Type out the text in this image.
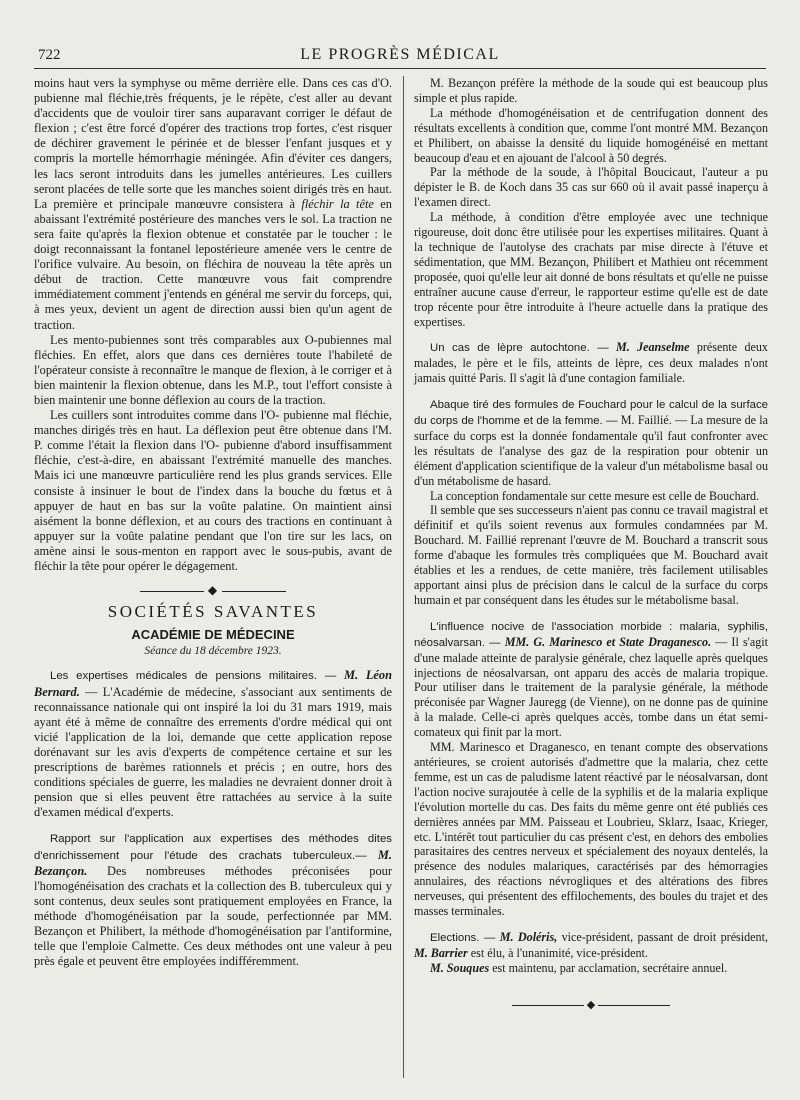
722	LE PROGRÈS MÉDICAL

moins haut vers la symphyse ou même derrière elle. Dans ces cas d'O. pubienne mal fléchie,très fréquents, je le répète, c'est aller au devant d'accidents que de vouloir tirer sans auparavant corriger le défaut de flexion ; c'est être forcé d'opérer des tractions trop fortes, c'est risquer de déchirer gravement le périnée et de blesser l'enfant jusques et y compris la mortelle hémorrhagie méningée. Afin d'éviter ces dangers, les lacs seront introduits dans les jumelles antérieures. Les cuillers seront placées de telle sorte que les manches soient dirigés très en haut. La première et principale manœuvre consistera à fléchir la tête en abaissant l'extrémité postérieure des manches vers le sol. La traction ne sera faite qu'après la flexion obtenue et constatée par le toucher : le doigt reconnaissant la fontanel lepostérieure amenée vers le centre de l'orifice vulvaire. Au besoin, on fléchira de nouveau la tête après un début de traction. Cette manœuvre vous fait comprendre immédiatement comment j'entends en général me servir du forceps, qui, à mes yeux, devient un agent de direction aussi bien qu'un agent de traction.

Les mento-pubiennes sont très comparables aux O-pubiennes mal fléchies. En effet, alors que dans ces dernières toute l'habileté de l'opérateur consiste à reconnaître le manque de flexion, à le corriger et à bien maintenir la flexion obtenue, dans les M.P., tout l'effort consiste à bien maintenir une bonne déflexion au cours de la traction.

Les cuillers sont introduites comme dans l'O- pubienne mal fléchie, manches dirigés très en haut. La déflexion peut être obtenue dans l'M. P. comme l'était la flexion dans l'O- pubienne d'abord insuffisamment fléchie, c'est-à-dire, en abaissant l'extrémité manuelle des manches. Mais ici une manœuvre particulière rend les plus grands services. Elle consiste à insinuer le bout de l'index dans la bouche du fœtus et à appuyer de haut en bas sur la voûte palatine. On maintient ainsi aisément la bonne déflexion, et au cours des tractions en continuant à appuyer sur la voûte palatine pendant que l'on tire sur les lacs, on amène ainsi le sous-menton en rapport avec le sous-pubis, avant de fléchir la tête pour opérer le dégagement.

◆
SOCIÉTÉS SAVANTES
ACADÉMIE DE MÉDECINE
Séance du 18 décembre 1923.

Les expertises médicales de pensions militaires. — M. Léon Bernard. — L'Académie de médecine, s'associant aux sentiments de reconnaissance nationale qui ont inspiré la loi du 31 mars 1919, mais ayant été à même de connaître des errements d'ordre médical qui ont vicié l'application de la loi, demande que cette application repose dorénavant sur les avis d'experts de compétence certaine et sur les prescriptions de barèmes rationnels et précis ; en outre, hors des conditions spéciales de guerre, les maladies ne devraient donner droit à pension que si elles peuvent être rattachées au service à la suite d'examen médical d'experts.

Rapport sur l'application aux expertises des méthodes dites d'enrichissement pour l'étude des crachats tuberculeux.— M. Bezançon. Des nombreuses méthodes préconisées pour l'homogénéisation des crachats et la collection des B. tuberculeux qui y sont contenus, deux seules sont pratiquement employées en France, la méthode d'homogénéisation par la soude, perfectionnée par MM. Bezançon et Philibert, la méthode d'homogénéisation par l'antiformine, telle que l'emploie Calmette. Ces deux méthodes ont une valeur à peu près égale et peuvent être employées indifféremment.

M. Bezançon préfère la méthode de la soude qui est beaucoup plus simple et plus rapide.

La méthode d'homogénéisation et de centrifugation donnent des résultats excellents à condition que, comme l'ont montré MM. Bezançon et Philibert, on abaisse la densité du liquide homogénéisé en mettant beaucoup d'eau et en ajouant de l'alcool à 50 degrés.

Par la méthode de la soude, à l'hôpital Boucicaut, l'auteur a pu dépister le B. de Koch dans 35 cas sur 660 où il avait passé inaperçu à l'examen direct.

La méthode, à condition d'être employée avec une technique rigoureuse, doit donc être utilisée pour les expertises militaires. Quant à la technique de l'autolyse des crachats par mise directe à l'étuve et sédimentation, que MM. Bezançon, Philibert et Mathieu ont récemment proposée, quoi qu'elle leur ait donné de bons résultats et qu'elle ne puisse entraîner aucune cause d'erreur, le rapporteur estime qu'elle est de date trop récente pour être introduite à l'heure actuelle dans la pratique des expertises.

Un cas de lèpre autochtone. — M. Jeanselme présente deux malades, le père et le fils, atteints de lèpre, ces deux malades n'ont jamais quitté Paris. Il s'agit là d'une contagion familiale.

Abaque tiré des formules de Fouchard pour le calcul de la surface du corps de l'homme et de la femme. — M. Faillié. — La mesure de la surface du corps est la donnée fondamentale qu'il faut confronter avec les résultats de l'analyse des gaz de la respiration pour obtenir un élément d'application scientifique de la valeur d'un métabolisme basal ou d'un métabolisme de hasard.

La conception fondamentale sur cette mesure est celle de Bouchard.

Il semble que ses successeurs n'aient pas connu ce travail magistral et définitif et qu'ils soient revenus aux formules condamnées par M. Bouchard. M. Faillié reprenant l'œuvre de M. Bouchard a transcrit sous forme d'abaque les formules très compliquées que M. Bouchard avait établies et les a rendues, de cette manière, très facilement utilisables apportant ainsi plus de précision dans le calcul de la surface du corps humain et par conséquent dans les études sur le métabolisme basal.

L'influence nocive de l'association morbide : malaria, syphilis, néosalvarsan. — MM. G. Marinesco et State Draganesco. — Il s'agit d'une malade atteinte de paralysie générale, chez laquelle après quelques injections de néosalvarsan, ont apparu des accès de malaria tropique. Pour utiliser dans le traitement de la paralysie générale, la méthode préconisée par Wagner Jauregg (de Vienne), on ne donne pas de quinine à la malade. Celle-ci après quelques accès, tombe dans un état semi-comateux qui finit par la mort.

MM. Marinesco et Draganesco, en tenant compte des observations antérieures, se croient autorisés d'admettre que la malaria, chez cette femme, est un cas de paludisme latent réactivé par le néosalvarsan, dont l'action nocive surajoutée à celle de la syphilis et de la malaria explique l'évolution mortelle du cas. Des faits du même genre ont été publiés ces dernières années par MM. Paisseau et Loubrieu, Sklarz, Isaac, Krieger, etc. L'intérêt tout particulier du cas présent c'est, en dehors des embolies parasitaires des centres nerveux et spécialement des noyaux dentelés, la présence des nodules malariques, caractérisés par des hémorragies annulaires, des réactions névrogliques et des altérations des fibres nerveuses, qui présentent des effilochements, des boules du trajet et des masses terminales.

Elections. — M. Doléris, vice-président, passant de droit président, M. Barrier est élu, à l'unanimité, vice-président.

M. Souques est maintenu, par acclamation, secrétaire annuel.

◆
